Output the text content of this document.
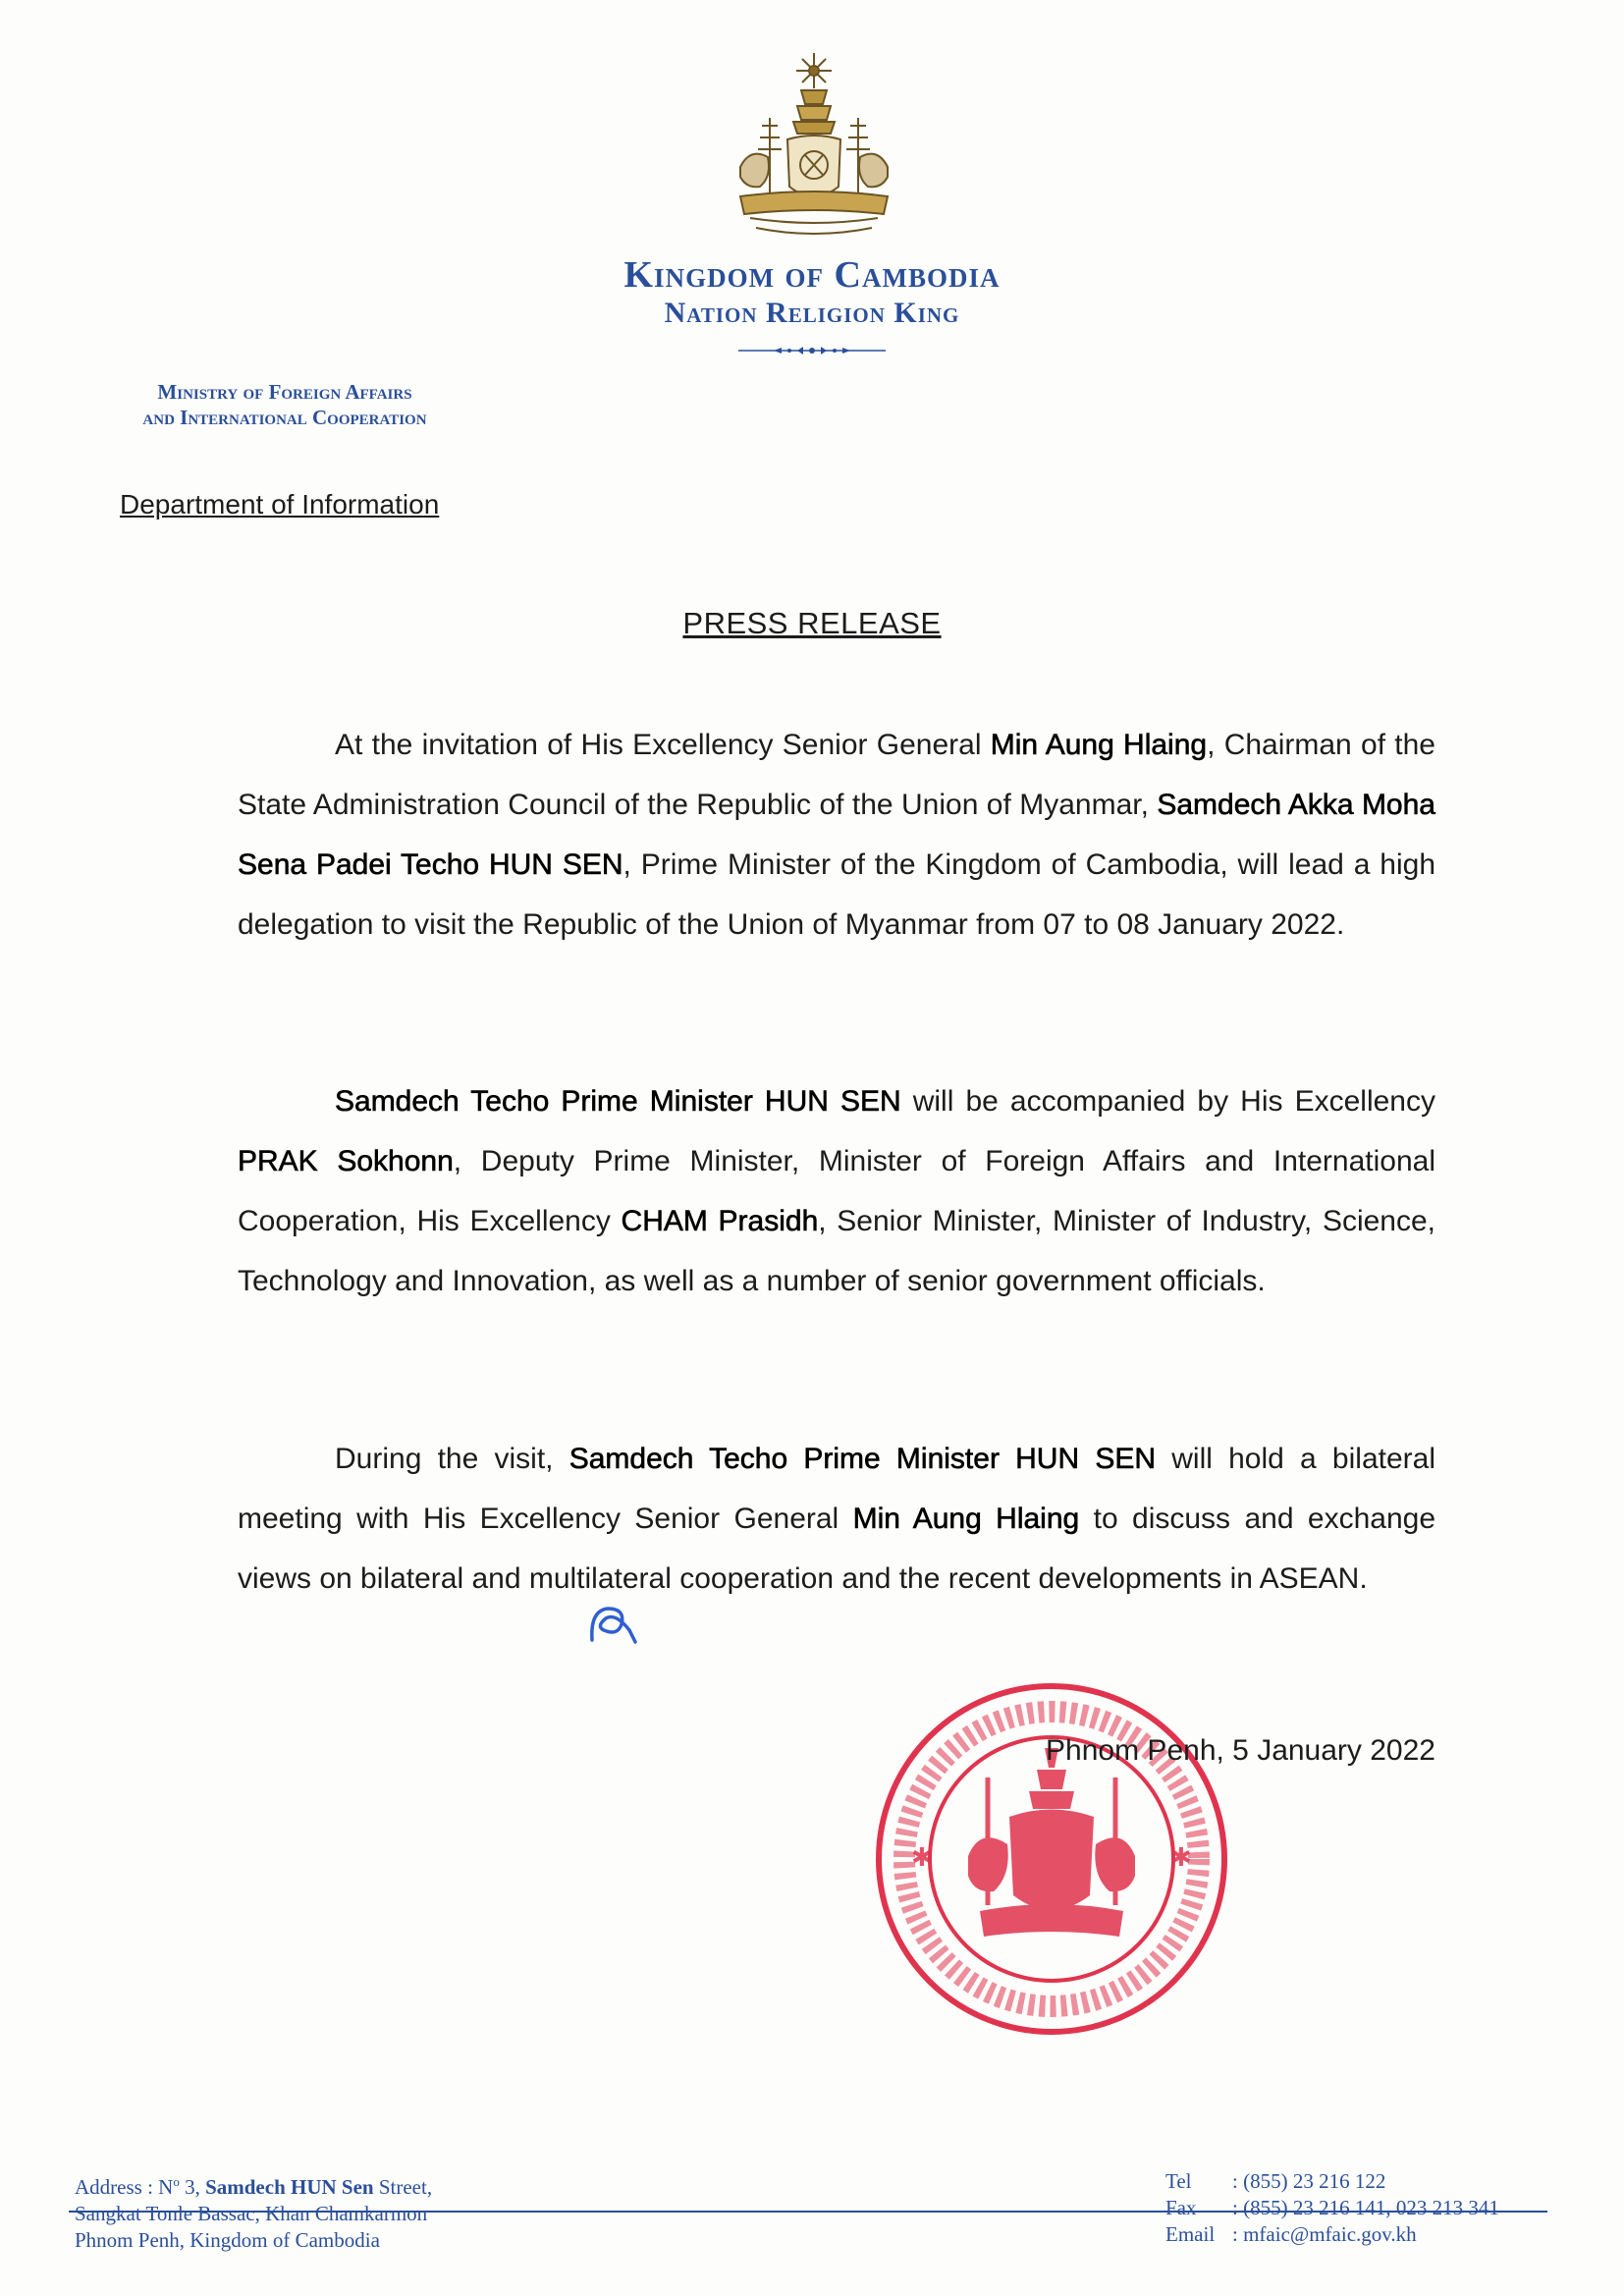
Kingdom of Cambodia
Nation Religion King
Ministry of Foreign Affairs
and International Cooperation
Department of Information
PRESS RELEASE
At the invitation of His Excellency Senior General Min Aung Hlaing, Chairman of the State Administration Council of the Republic of the Union of Myanmar, Samdech Akka Moha Sena Padei Techo HUN SEN, Prime Minister of the Kingdom of Cambodia, will lead a high delegation to visit the Republic of the Union of Myanmar from 07 to 08 January 2022.
Samdech Techo Prime Minister HUN SEN will be accompanied by His Excellency PRAK Sokhonn, Deputy Prime Minister, Minister of Foreign Affairs and International Cooperation, His Excellency CHAM Prasidh, Senior Minister, Minister of Industry, Science, Technology and Innovation, as well as a number of senior government officials.
During the visit, Samdech Techo Prime Minister HUN SEN will hold a bilateral meeting with His Excellency Senior General Min Aung Hlaing to discuss and exchange views on bilateral and multilateral cooperation and the recent developments in ASEAN.
✱	✱
Phnom Penh, 5 January 2022
Address : $N^o$ 3, Samdech HUN Sen Street,
Sangkat Tonle Bassac, Khan Chamkarmon
Phnom Penh, Kingdom of Cambodia
Tel : (855) 23 216 122
Fax : (855) 23 216 141, 023 213 341
Email : mfaic@mfaic.gov.kh
